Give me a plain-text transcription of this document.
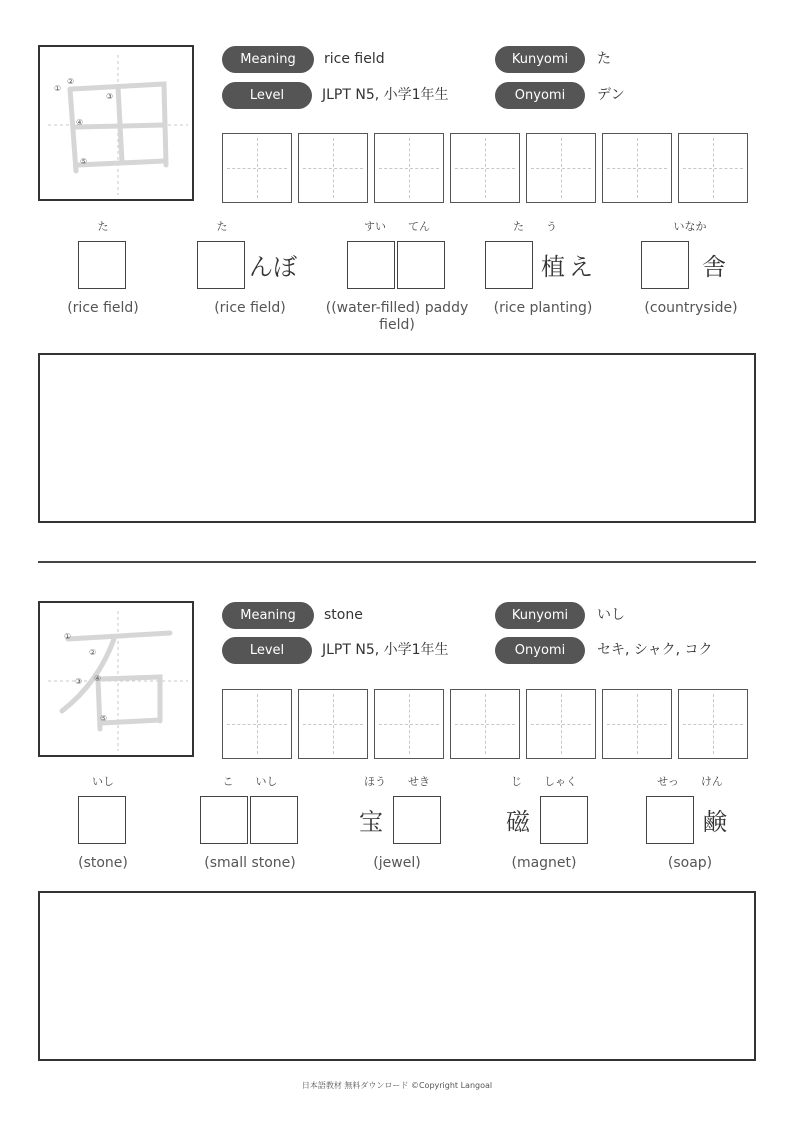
①
②
③
④
⑤
Meaning	rice field
Level	JLPT N5, 小学1年生
Kunyomi	た
Onyomi	デン
た
(rice field)
た
んぼ
(rice field)
すい　　てん
((water-filled) paddy field)
た　　う
植え
(rice planting)
いなか
舎
(countryside)
①
②
③ ④
⑤
Meaning	stone
Level	JLPT N5, 小学1年生
Kunyomi	いし
Onyomi	セキ, シャク, コク
いし
(stone)
こ　　いし
(small stone)
ほう　　せき
宝
(jewel)
じ　　しゃく
磁
(magnet)
せっ　　けん
鹸
(soap)
日本語教材 無料ダウンロード ©Copyright Langoal
